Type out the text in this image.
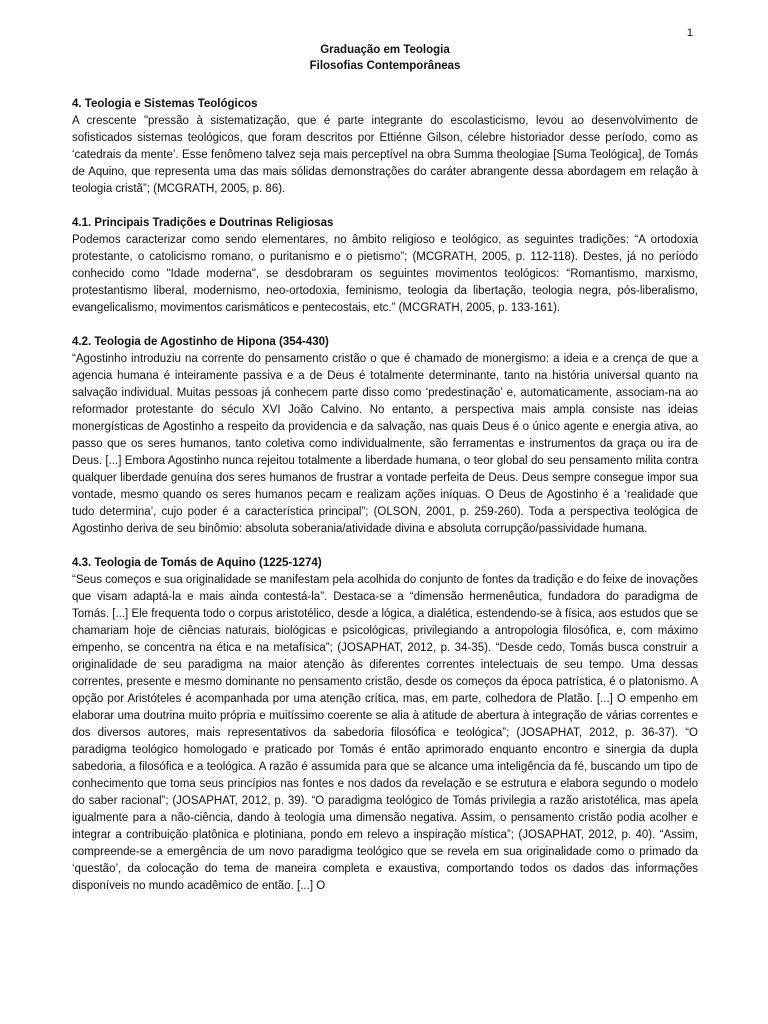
1
Graduação em Teologia
Filosofias Contemporâneas
4. Teologia e Sistemas Teológicos

A crescente "pressão à sistematização, que é parte integrante do escolasticismo, levou ao desenvolvimento de sofisticados sistemas teológicos, que foram descritos por Ettiénne Gilson, célebre historiador desse período, como as ‘catedrais da mente’. Esse fenômeno talvez seja mais perceptível na obra Summa theologiae [Suma Teológica], de Tomás de Aquino, que representa uma das mais sólidas demonstrações do caráter abrangente dessa abordagem em relação à teologia cristã”; (MCGRATH, 2005, p. 86).

4.1. Principais Tradições e Doutrinas Religiosas

Podemos caracterizar como sendo elementares, no âmbito religioso e teológico, as seguintes tradições: “A ortodoxia protestante, o catolicismo romano, o puritanismo e o pietismo”; (MCGRATH, 2005, p. 112-118). Destes, já no período conhecido como "Idade moderna", se desdobraram os seguintes movimentos teológicos: “Romantismo, marxismo, protestantismo liberal, modernismo, neo-ortodoxia, feminismo, teologia da libertação, teologia negra, pós-liberalismo, evangelicalismo, movimentos carismáticos e pentecostais, etc.” (MCGRATH, 2005, p. 133-161).

4.2. Teologia de Agostinho de Hipona (354-430)

“Agostinho introduziu na corrente do pensamento cristão o que é chamado de monergismo: a ideia e a crença de que a agencia humana é inteiramente passiva e a de Deus é totalmente determinante, tanto na história universal quanto na salvação individual. Muitas pessoas já conhecem parte disso como ‘predestinação’ e, automaticamente, associam-na ao reformador protestante do século XVI João Calvino. No entanto, a perspectiva mais ampla consiste nas ideias monergísticas de Agostinho a respeito da providencia e da salvação, nas quais Deus é o único agente e energia ativa, ao passo que os seres humanos, tanto coletiva como individualmente, são ferramentas e instrumentos da graça ou ira de Deus. [...] Embora Agostinho nunca rejeitou totalmente a liberdade humana, o teor global do seu pensamento milita contra qualquer liberdade genuína dos seres humanos de frustrar a vontade perfeita de Deus. Deus sempre consegue impor sua vontade, mesmo quando os seres humanos pecam e realizam ações iníquas. O Deus de Agostinho é a ‘realidade que tudo determina’, cujo poder é a característica principal”; (OLSON, 2001, p. 259-260). Toda a perspectiva teológica de Agostinho deriva de seu binômio: absoluta soberania/atividade divina e absoluta corrupção/passividade humana.

4.3. Teologia de Tomás de Aquino (1225-1274)

“Seus começos e sua originalidade se manifestam pela acolhida do conjunto de fontes da tradição e do feixe de inovações que visam adaptá-la e mais ainda contestá-la”. Destaca-se a “dimensão hermenêutica, fundadora do paradigma de Tomás. [...] Ele frequenta todo o corpus aristotélico, desde a lógica, a dialética, estendendo-se à física, aos estudos que se chamariam hoje de ciências naturais, biológicas e psicológicas, privilegiando a antropologia filosófica, e, com máximo empenho, se concentra na ética e na metafísica”; (JOSAPHAT, 2012, p. 34-35). “Desde cedo, Tomás busca construir a originalidade de seu paradigma na maior atenção às diferentes correntes intelectuais de seu tempo. Uma dessas correntes, presente e mesmo dominante no pensamento cristão, desde os começos da época patrística, é o platonismo. A opção por Aristóteles é acompanhada por uma atenção crítica, mas, em parte, colhedora de Platão. [...] O empenho em elaborar uma doutrina muito própria e muitíssimo coerente se alia à atitude de abertura à integração de várias correntes e dos diversos autores, mais representativos da sabedoria filosófica e teológica”; (JOSAPHAT, 2012, p. 36-37). “O paradigma teológico homologado e praticado por Tomás é então aprimorado enquanto encontro e sinergia da dupla sabedoria, a filosófica e a teológica. A razão é assumida para que se alcance uma inteligência da fé, buscando um tipo de conhecimento que toma seus princípios nas fontes e nos dados da revelação e se estrutura e elabora segundo o modelo do saber racional”; (JOSAPHAT, 2012, p. 39). “O paradigma teológico de Tomás privilegia a razão aristotélica, mas apela igualmente para a não-ciência, dando à teologia uma dimensão negativa. Assim, o pensamento cristão podia acolher e integrar a contribuição platônica e plotiniana, pondo em relevo a inspiração mística”; (JOSAPHAT, 2012, p. 40). “Assim, compreende-se a emergência de um novo paradigma teológico que se revela em sua originalidade como o primado da ‘questão’, da colocação do tema de maneira completa e exaustiva, comportando todos os dados das informações disponíveis no mundo acadêmico de então. [...] O
